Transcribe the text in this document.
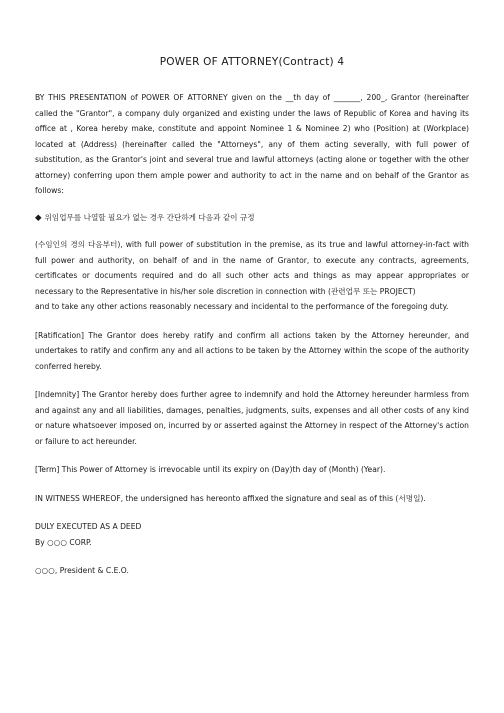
POWER OF ATTORNEY(Contract) 4

BY THIS PRESENTATION of POWER OF ATTORNEY given on the __th day of _______, 200_, Grantor (hereinafter called the "Grantor", a company duly organized and existing under the laws of Republic of Korea and having its office at , Korea hereby make, constitute and appoint Nominee 1 & Nominee 2) who (Position) at (Workplace) located at (Address) (hereinafter called the "Attorneys", any of them acting severally, with full power of substitution, as the Grantor's joint and several true and lawful attorneys (acting alone or together with the other attorney) conferring upon them ample power and authority to act in the name and on behalf of the Grantor as follows:

◆ 위임업무를 나열할 필요가 없는 경우 간단하게 다음과 같이 규정

(수임인의 경의 다음부터), with full power of substitution in the premise, as its true and lawful attorney-in-fact with full power and authority, on behalf of and in the name of Grantor, to execute any contracts, agreements, certificates or documents required and do all such other acts and things as may appear appropriates or necessary to the Representative in his/her sole discretion in connection with (관련업무 또는 PROJECT)

and to take any other actions reasonably necessary and incidental to the performance of the foregoing duty.

[Ratification] The Grantor does hereby ratify and confirm all actions taken by the Attorney hereunder, and undertakes to ratify and confirm any and all actions to be taken by the Attorney within the scope of the authority conferred hereby.

[Indemnity] The Grantor hereby does further agree to indemnify and hold the Attorney hereunder harmless from and against any and all liabilities, damages, penalties, judgments, suits, expenses and all other costs of any kind or nature whatsoever imposed on, incurred by or asserted against the Attorney in respect of the Attorney's action or failure to act hereunder.

[Term] This Power of Attorney is irrevocable until its expiry on (Day)th day of (Month) (Year).

IN WITNESS WHEREOF, the undersigned has hereonto affixed the signature and seal as of this (서명일).

DULY EXECUTED AS A DEED

By ○○○ CORP.

○○○, President & C.E.O.
